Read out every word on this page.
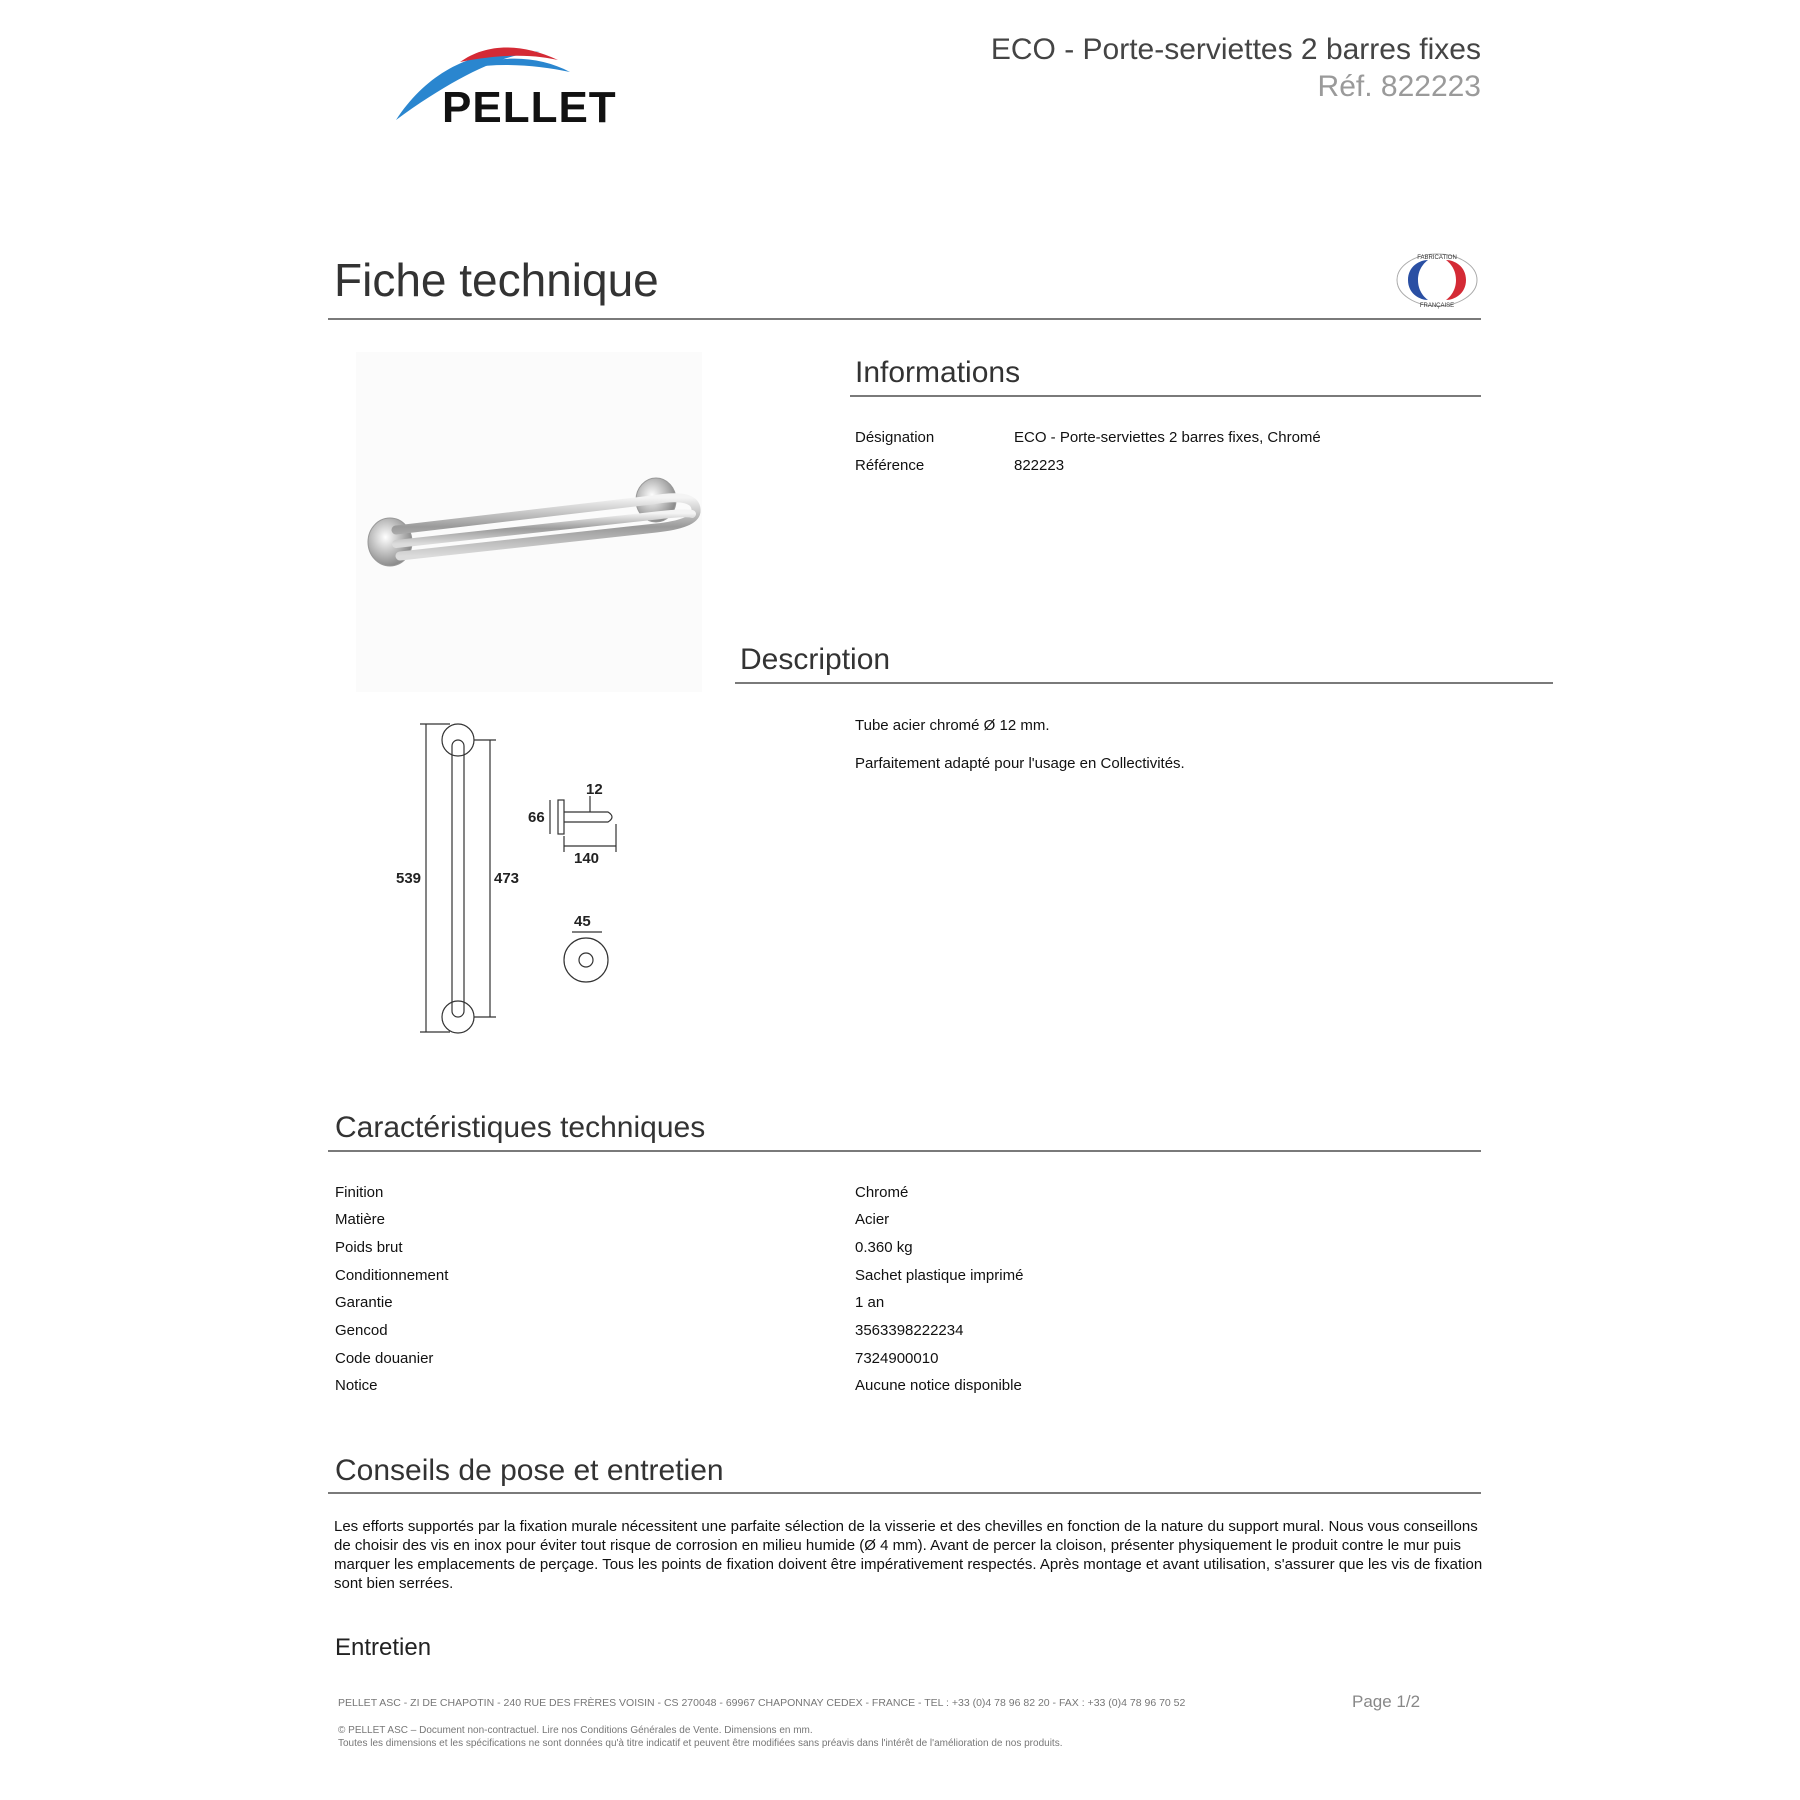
PELLET
ECO - Porte-serviettes 2 barres fixes
Réf. 822223
Fiche technique	FABRICATION
FRANÇAISE
539	473
12
66
140
45
Informations
Désignation	ECO - Porte-serviettes 2 barres fixes, Chromé
Référence	822223
Description
Tube acier chromé Ø 12 mm.
Parfaitement adapté pour l'usage en Collectivités.
Caractéristiques techniques
Finition	Chromé
Matière	Acier
Poids brut	0.360 kg
Conditionnement	Sachet plastique imprimé
Garantie	1 an
Gencod	3563398222234
Code douanier	7324900010
Notice	Aucune notice disponible
Conseils de pose et entretien
Les efforts supportés par la fixation murale nécessitent une parfaite sélection de la visserie et des chevilles en fonction de la nature du support mural. Nous vous conseillons de choisir des vis en inox pour éviter tout risque de corrosion en milieu humide (Ø 4 mm). Avant de percer la cloison, présenter physiquement le produit contre le mur puis marquer les emplacements de perçage. Tous les points de fixation doivent être impérativement respectés. Après montage et avant utilisation, s'assurer que les vis de fixation sont bien serrées.
Entretien
PELLET ASC - ZI DE CHAPOTIN - 240 RUE DES FRÈRES VOISIN - CS 270048 - 69967 CHAPONNAY CEDEX - FRANCE - TEL : +33 (0)4 78 96 82 20 - FAX : +33 (0)4 78 96 70 52	Page 1/2
© PELLET ASC – Document non-contractuel. Lire nos Conditions Générales de Vente. Dimensions en mm.
Toutes les dimensions et les spécifications ne sont données qu'à titre indicatif et peuvent être modifiées sans préavis dans l'intérêt de l'amélioration de nos produits.
